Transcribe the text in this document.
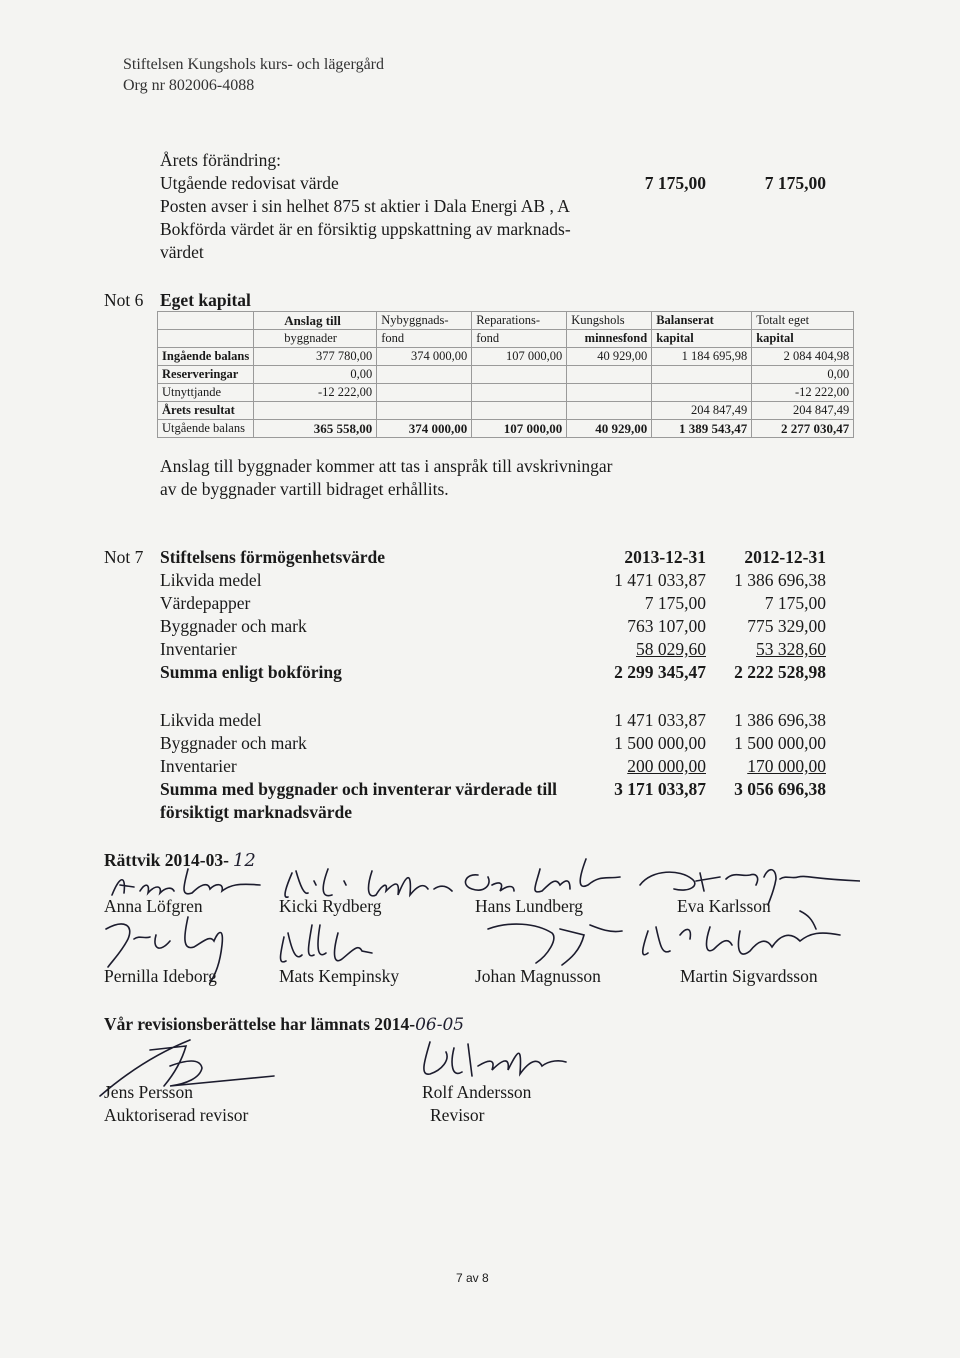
Stiftelsen Kungshols kurs- och lägergård
Org nr 802006-4088
Årets förändring:
Utgående redovisat värde	7 175,00	7 175,00
Posten avser i sin helhet 875 st aktier i Dala Energi AB , A
Bokförda värdet är en försiktig uppskattning av marknads-
värdet
Not 6 Eget kapital
	Anslag till	Nybyggnads-	Reparations-	Kungshols	Balanserat	Totalt eget
	byggnader	fond	fond	minnesfond	kapital	kapital
Ingående balans	377 780,00	374 000,00	107 000,00	40 929,00	1 184 695,98	2 084 404,98
Reserveringar	0,00					0,00
Utnyttjande	-12 222,00					-12 222,00
Årets resultat					204 847,49	204 847,49
Utgående balans	365 558,00	374 000,00	107 000,00	40 929,00	1 389 543,47	2 277 030,47
Anslag till byggnader kommer att tas i anspråk till avskrivningar
av de byggnader vartill bidraget erhållits.
Not 7 Stiftelsens förmögenhetsvärde	2013-12-31	2012-12-31
Likvida medel	1 471 033,87	1 386 696,38
Värdepapper	7 175,00	7 175,00
Byggnader och mark	763 107,00	775 329,00
Inventarier	58 029,60	53 328,60
Summa enligt bokföring	2 299 345,47	2 222 528,98
Likvida medel	1 471 033,87	1 386 696,38
Byggnader och mark	1 500 000,00	1 500 000,00
Inventarier	200 000,00	170 000,00
Summa med byggnader och inventerar värderade till
försiktigt marknadsvärde
3 171 033,87	3 056 696,38
Rättvik 2014-03- 12
Anna Löfgren	Kicki Rydberg	Hans Lundberg	Eva Karlsson
Pernilla Ideborg	Mats Kempinsky	Johan Magnusson	Martin Sigvardsson
Vår revisionsberättelse har lämnats 2014-06-05
Jens Persson
Auktoriserad revisor
Rolf Andersson
Revisor
7 av 8
